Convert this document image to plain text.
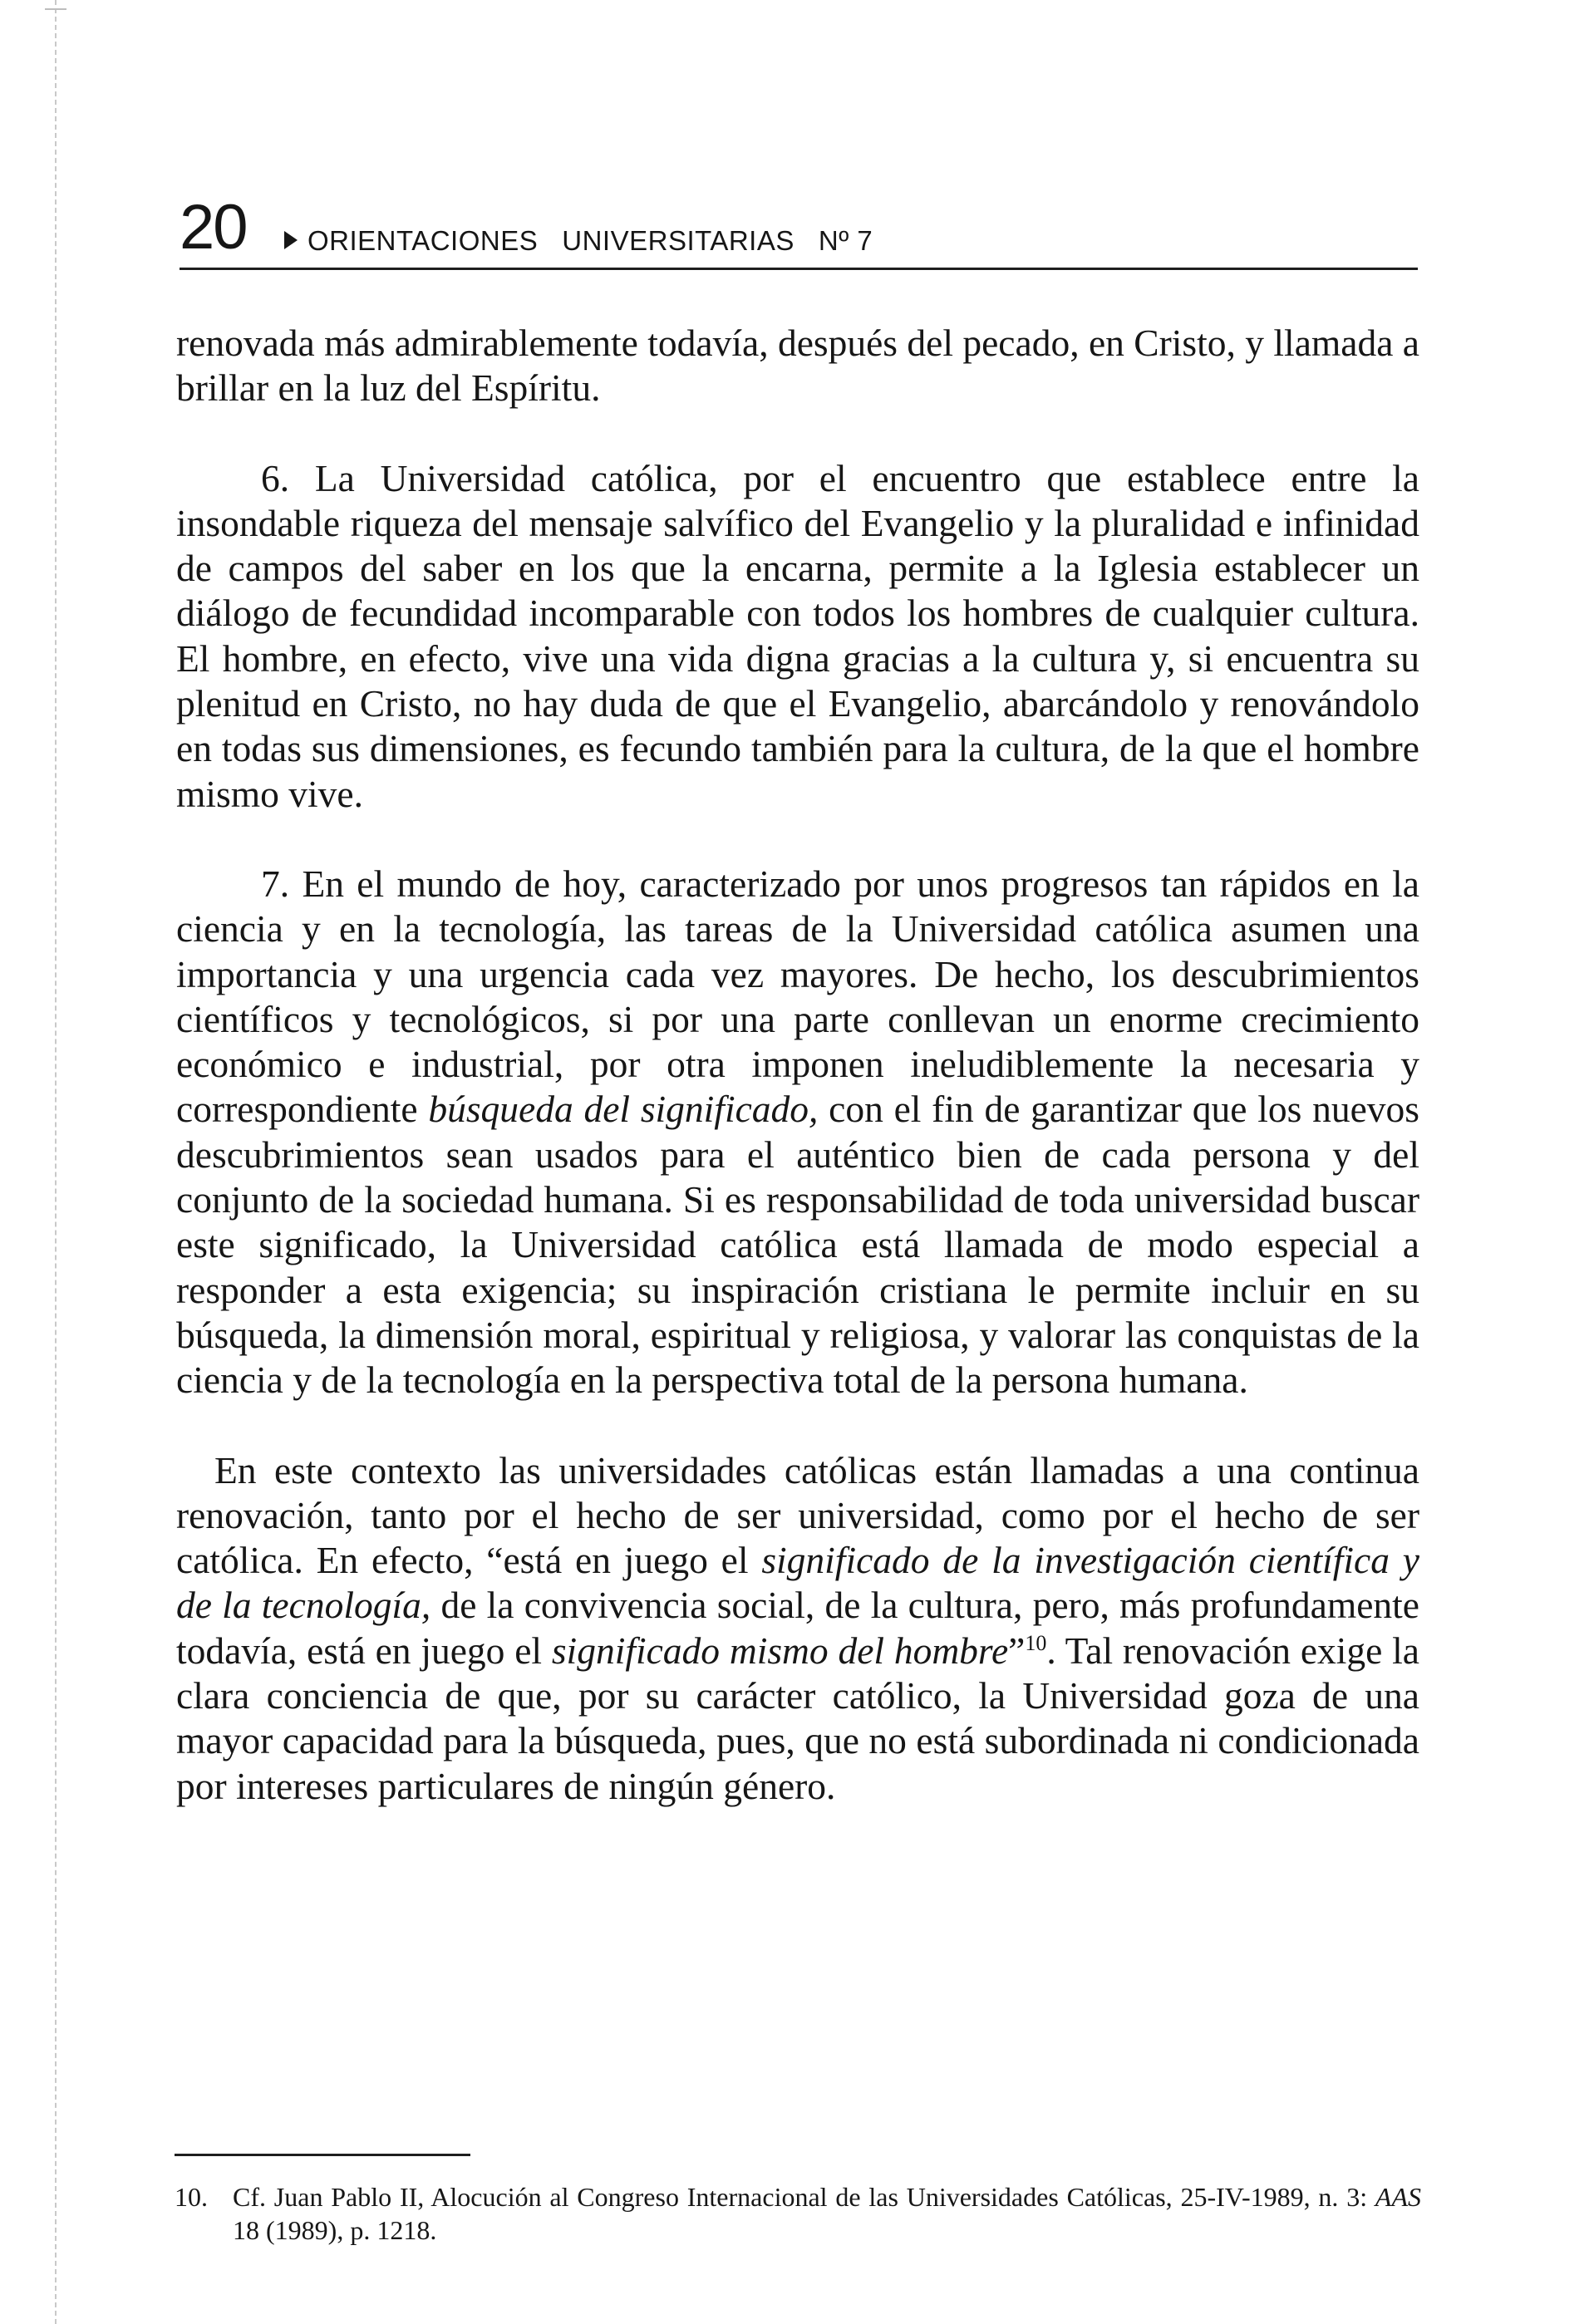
20 ORIENTACIONES   UNIVERSITARIAS   Nº 7

renovada más admirablemente todavía, después del pecado, en Cristo, y llamada a brillar en la luz del Espíritu.

6. La Universidad católica, por el encuentro que establece entre la insondable riqueza del mensaje salvífico del Evangelio y la pluralidad e infinidad de campos del saber en los que la encarna, permite a la Iglesia establecer un diálogo de fecundidad incomparable con todos los hombres de cualquier cultura. El hombre, en efecto, vive una vida digna gracias a la cultura y, si encuentra su plenitud en Cristo, no hay duda de que el Evangelio, abarcándolo y renovándolo en todas sus dimensiones, es fecundo también para la cultura, de la que el hombre mismo vive.

7. En el mundo de hoy, caracterizado por unos progresos tan rápidos en la ciencia y en la tecnología, las tareas de la Universidad católica asumen una importancia y una urgencia cada vez mayores. De hecho, los descubrimientos científicos y tecnológicos, si por una parte conllevan un enorme crecimiento económico e industrial, por otra imponen ineludiblemente la necesaria y correspondiente búsqueda del significado, con el fin de garantizar que los nuevos descubrimientos sean usados para el auténtico bien de cada persona y del conjunto de la sociedad humana. Si es responsabilidad de toda universidad buscar este significado, la Universidad católica está llamada de modo especial a responder a esta exigencia; su inspiración cristiana le permite incluir en su búsqueda, la dimensión moral, espiritual y religiosa, y valorar las conquistas de la ciencia y de la tecnología en la perspectiva total de la persona humana.

En este contexto las universidades católicas están llamadas a una continua renovación, tanto por el hecho de ser universidad, como por el hecho de ser católica. En efecto, “está en juego el significado de la investigación científica y de la tecnología, de la convivencia social, de la cultura, pero, más profundamente todavía, está en juego el significado mismo del hombre”$^{10}$. Tal renovación exige la clara conciencia de que, por su carácter católico, la Universidad goza de una mayor capacidad para la búsqueda, pues, que no está subordinada ni condicionada por intereses particulares de ningún género.

10. Cf. Juan Pablo II, Alocución al Congreso Internacional de las Universidades Católicas, 25-IV-1989, n. 3: AAS 18 (1989), p. 1218.
